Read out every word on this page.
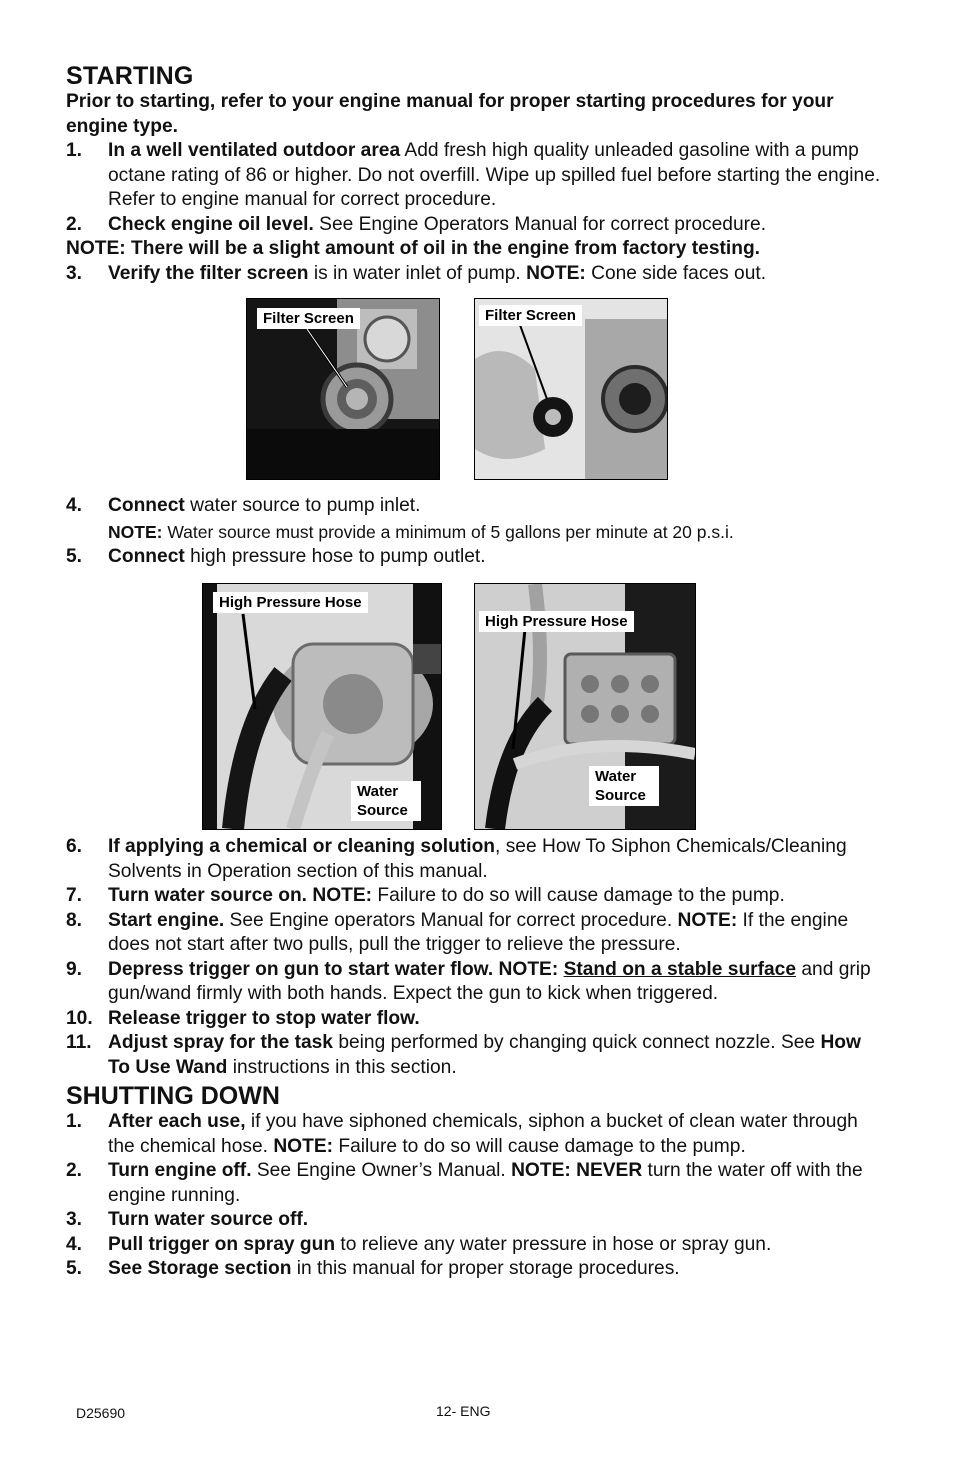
STARTING

Prior to starting, refer to your engine manual for proper starting procedures for your engine type.

1.	In a well ventilated outdoor area Add fresh high quality unleaded gasoline with a pump octane rating of 86 or higher. Do not overfill. Wipe up spilled fuel before starting the engine. Refer to engine manual for correct procedure.
2.	Check engine oil level. See Engine Operators Manual for correct procedure.
NOTE: There will be a slight amount of oil in the engine from factory testing.
3.	Verify the filter screen is in water inlet of pump. NOTE: Cone side faces out.
Filter Screen	Filter Screen
4.	Connect water source to pump inlet.
NOTE: Water source must provide a minimum of 5 gallons per minute at 20 p.s.i.
5.	Connect high pressure hose to pump outlet.
High Pressure Hose
Water Source
High Pressure Hose
Water Source
6.	If applying a chemical or cleaning solution, see How To Siphon Chemicals/Cleaning Solvents in Operation section of this manual.
7.	Turn water source on. NOTE: Failure to do so will cause damage to the pump.
8.	Start engine. See Engine operators Manual for correct procedure. NOTE: If the engine does not start after two pulls, pull the trigger to relieve the pressure.
9.	Depress trigger on gun to start water flow. NOTE: Stand on a stable surface and grip gun/wand firmly with both hands. Expect the gun to kick when triggered.
10. Release trigger to stop water flow.
11. Adjust spray for the task being performed by changing quick connect nozzle. See How To Use Wand instructions in this section.
SHUTTING DOWN
1.	After each use, if you have siphoned chemicals, siphon a bucket of clean water through the chemical hose. NOTE: Failure to do so will cause damage to the pump.
2.	Turn engine off. See Engine Owner’s Manual. NOTE: NEVER turn the water off with the engine running.
3.	Turn water source off.
4.	Pull trigger on spray gun to relieve any water pressure in hose or spray gun.
5.	See Storage section in this manual for proper storage procedures.
D25690	12- ENG
